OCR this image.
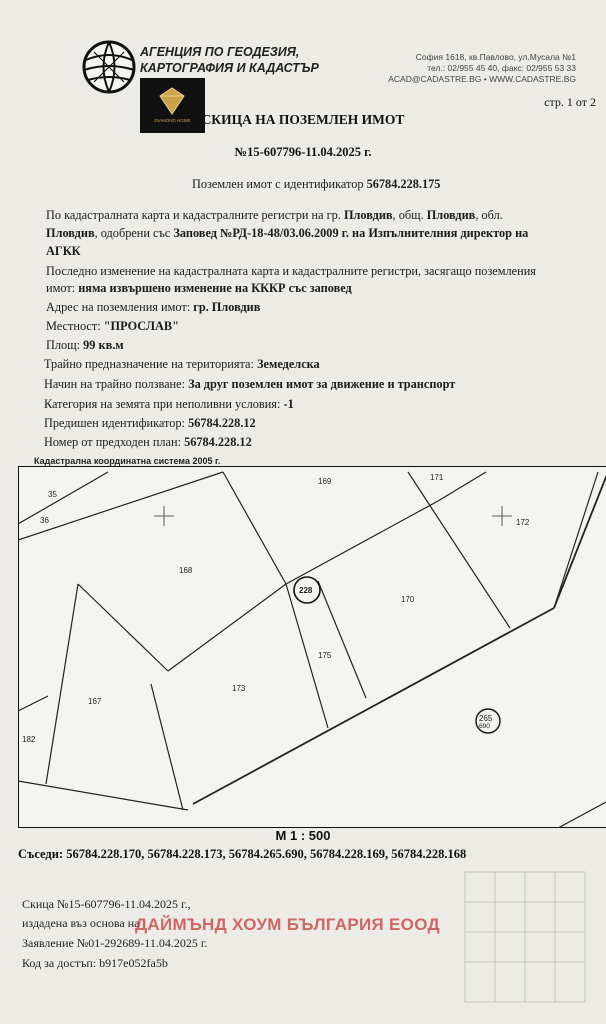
АГЕНЦИЯ ПО ГЕОДЕЗИЯ,
КАРТОГРАФИЯ И КАДАСТЪР
София 1618, кв.Павлово, ул.Мусала №1
тел.: 02/955 45 40, факс: 02/955 53 33
ACAD@CADASTRE.BG • WWW.CADASTRE.BG
DIAMOND HOME
стр. 1 от 2
СКИЦА НА ПОЗЕМЛЕН ИМОТ
№15-607796-11.04.2025 г.
Поземлен имот с идентификатор 56784.228.175
По кадастралната карта и кадастралните регистри на гр. Пловдив, общ. Пловдив, обл.
Пловдив, одобрени със Заповед №РД-18-48/03.06.2009 г. на Изпълнителния директор на
АГКК
Последно изменение на кадастралната карта и кадастралните регистри, засягащо поземления
имот: няма извършено изменение на КККР със заповед
Адрес на поземления имот: гр. Пловдив
Местност: "ПРОСЛАВ"
Площ: 99 кв.м
Трайно предназначение на територията: Земеделска
Начин на трайно ползване: За друг поземлен имот за движение и транспорт
Категория на земята при неполивни условия: -1
Предишен идентификатор: 56784.228.12
Номер от предходен план: 56784.228.12
Кадастрална координатна система 2005 г.
35
36
169	171
172
168
228
170
175
173
167
182
265
690
М 1 : 500
Съседи: 56784.228.170, 56784.228.173, 56784.265.690, 56784.228.169, 56784.228.168
Скица №15-607796-11.04.2025 г.,
издадена въз основа на
Заявление №01-292689-11.04.2025 г.
Код за достъп: b917e052fa5b
ДАЙМЪНД ХОУМ БЪЛГАРИЯ ЕООД
